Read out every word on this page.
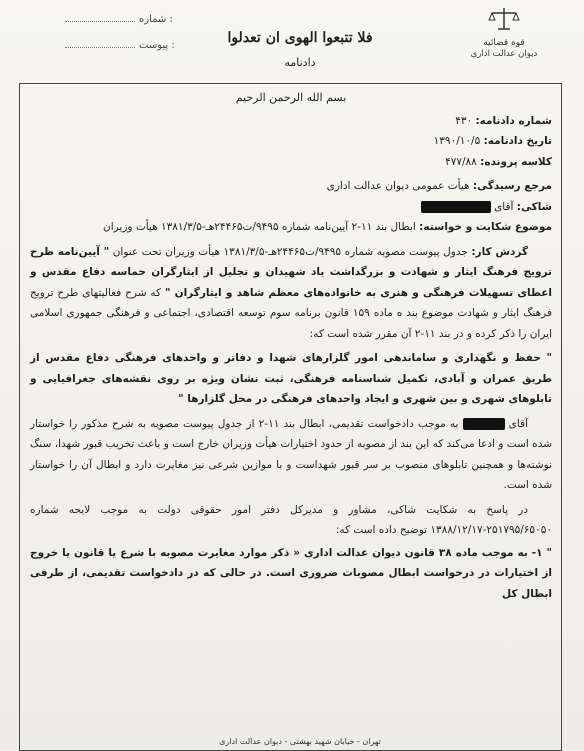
شماره :
پیوست :	فلا تتبعوا الهوی ان تعدلوا
دادنامه
قوه قضائیه
دیوان عدالت اداری
بسم الله الرحمن الرحیم
شماره دادنامه: ۴۳۰
تاریخ دادنامه: ۱۳۹۰/۱۰/۵
کلاسه پرونده: ۴۷۷/۸۸
مرجع رسیدگی: هیأت عمومی دیوان عدالت اداری
شاکی: آقای
موضوع شکایت و خواسته: ابطال بند ۱۱-۲ آیین‌نامه شماره ۹۴۹۵/ت۲۴۴۶۵هـ-۱۳۸۱/۳/۵ هیأت وزیران
گردش کار: جدول پیوست مصوبه شماره ۹۴۹۵/ت۲۴۴۶۵هـ-۱۳۸۱/۳/۵ هیأت وزیران تحت عنوان " آیین‌نامه طرح ترویج فرهنگ ایثار و شهادت و بزرگداشت یاد شهیدان و تجلیل از ایثارگران حماسه دفاع مقدس و اعطای تسهیلات فرهنگی و هنری به خانواده‌های معظم شاهد و ایثارگران " که شرح فعالیتهای طرح ترویج فرهنگ ایثار و شهادت موضوع بند ه ماده ۱۵۹ قانون برنامه سوم توسعه اقتصادی، اجتماعی و فرهنگی جمهوری اسلامی ایران را ذکر کرده و در بند ۱۱-۲ آن مقرر شده است که:
" حفظ و نگهداری و ساماندهی امور گلزارهای شهدا و دفاتر و واحدهای فرهنگی دفاع مقدس از طریق عمران و آبادی، تکمیل شناسنامه فرهنگی، ثبت نشان ویژه بر روی نقشه‌های جغرافیایی و تابلوهای شهری و بین شهری و ایجاد واحدهای فرهنگی در محل گلزارها "
آقای  به موجب دادخواست تقدیمی، ابطال بند ۱۱-۲ از جدول پیوست مصوبه به شرح مذکور را خواستار شده است و ادعا می‌کند که این بند از مصوبه از حدود اختیارات هیأت وزیران خارج است و باعث تخریب قبور شهدا، سنگ نوشته‌ها و همچنین تابلوهای منصوب بر سر قبور شهداست و با موازین شرعی نیز مغایرت دارد و ابطال آن را خواستار شده است.
در پاسخ به شکایت شاکی، مشاور و مدیرکل دفتر امور حقوقی دولت به موجب لایحه شماره ۲۵۱۷۹۵/۶۵۰۵۰-۱۳۸۸/۱۲/۱۷ توضیح داده است که:
" ۱- به موجب ماده ۳۸ قانون دیوان عدالت اداری « ذکر موارد مغایرت مصوبه با شرع یا قانون یا خروج از اختیارات در درخواست ابطال مصوبات ضروری است. در حالی که در دادخواست تقدیمی، از طرفی ابطال کل
تهران - خیابان شهید بهشتی - دیوان عدالت اداری
